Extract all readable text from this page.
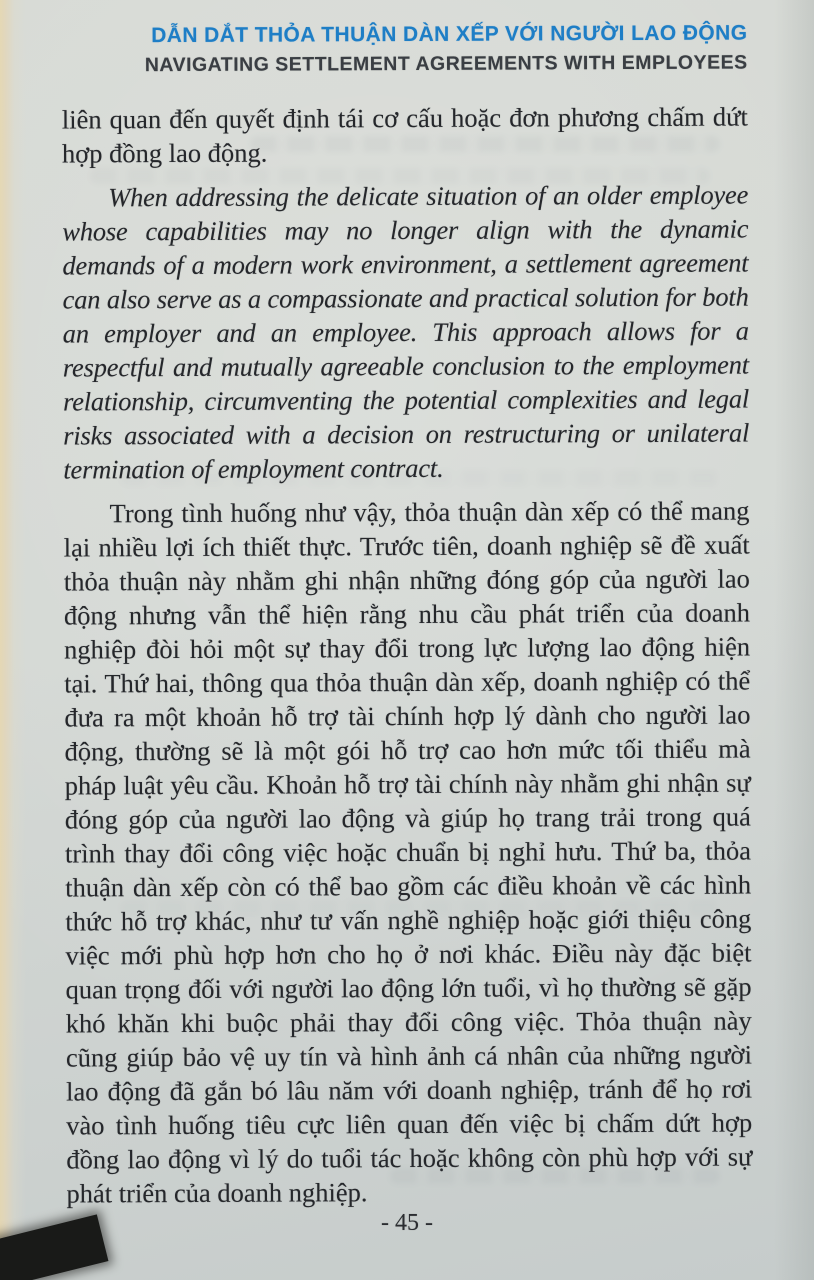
DẪN DẮT THỎA THUẬN DÀN XẾP VỚI NGƯỜI LAO ĐỘNG
NAVIGATING SETTLEMENT AGREEMENTS WITH EMPLOYEES

liên quan đến quyết định tái cơ cấu hoặc đơn phương chấm dứt hợp đồng lao động.

When addressing the delicate situation of an older employee whose capabilities may no longer align with the dynamic demands of a modern work environment, a settlement agreement can also serve as a compassionate and practical solution for both an employer and an employee. This approach allows for a respectful and mutually agreeable conclusion to the employment relationship, circumventing the potential complexities and legal risks associated with a decision on restructuring or unilateral termination of employment contract.

Trong tình huống như vậy, thỏa thuận dàn xếp có thể mang lại nhiều lợi ích thiết thực. Trước tiên, doanh nghiệp sẽ đề xuất thỏa thuận này nhằm ghi nhận những đóng góp của người lao động nhưng vẫn thể hiện rằng nhu cầu phát triển của doanh nghiệp đòi hỏi một sự thay đổi trong lực lượng lao động hiện tại. Thứ hai, thông qua thỏa thuận dàn xếp, doanh nghiệp có thể đưa ra một khoản hỗ trợ tài chính hợp lý dành cho người lao động, thường sẽ là một gói hỗ trợ cao hơn mức tối thiểu mà pháp luật yêu cầu. Khoản hỗ trợ tài chính này nhằm ghi nhận sự đóng góp của người lao động và giúp họ trang trải trong quá trình thay đổi công việc hoặc chuẩn bị nghỉ hưu. Thứ ba, thỏa thuận dàn xếp còn có thể bao gồm các điều khoản về các hình thức hỗ trợ khác, như tư vấn nghề nghiệp hoặc giới thiệu công việc mới phù hợp hơn cho họ ở nơi khác. Điều này đặc biệt quan trọng đối với người lao động lớn tuổi, vì họ thường sẽ gặp khó khăn khi buộc phải thay đổi công việc. Thỏa thuận này cũng giúp bảo vệ uy tín và hình ảnh cá nhân của những người lao động đã gắn bó lâu năm với doanh nghiệp, tránh để họ rơi vào tình huống tiêu cực liên quan đến việc bị chấm dứt hợp đồng lao động vì lý do tuổi tác hoặc không còn phù hợp với sự phát triển của doanh nghiệp.

- 45 -
